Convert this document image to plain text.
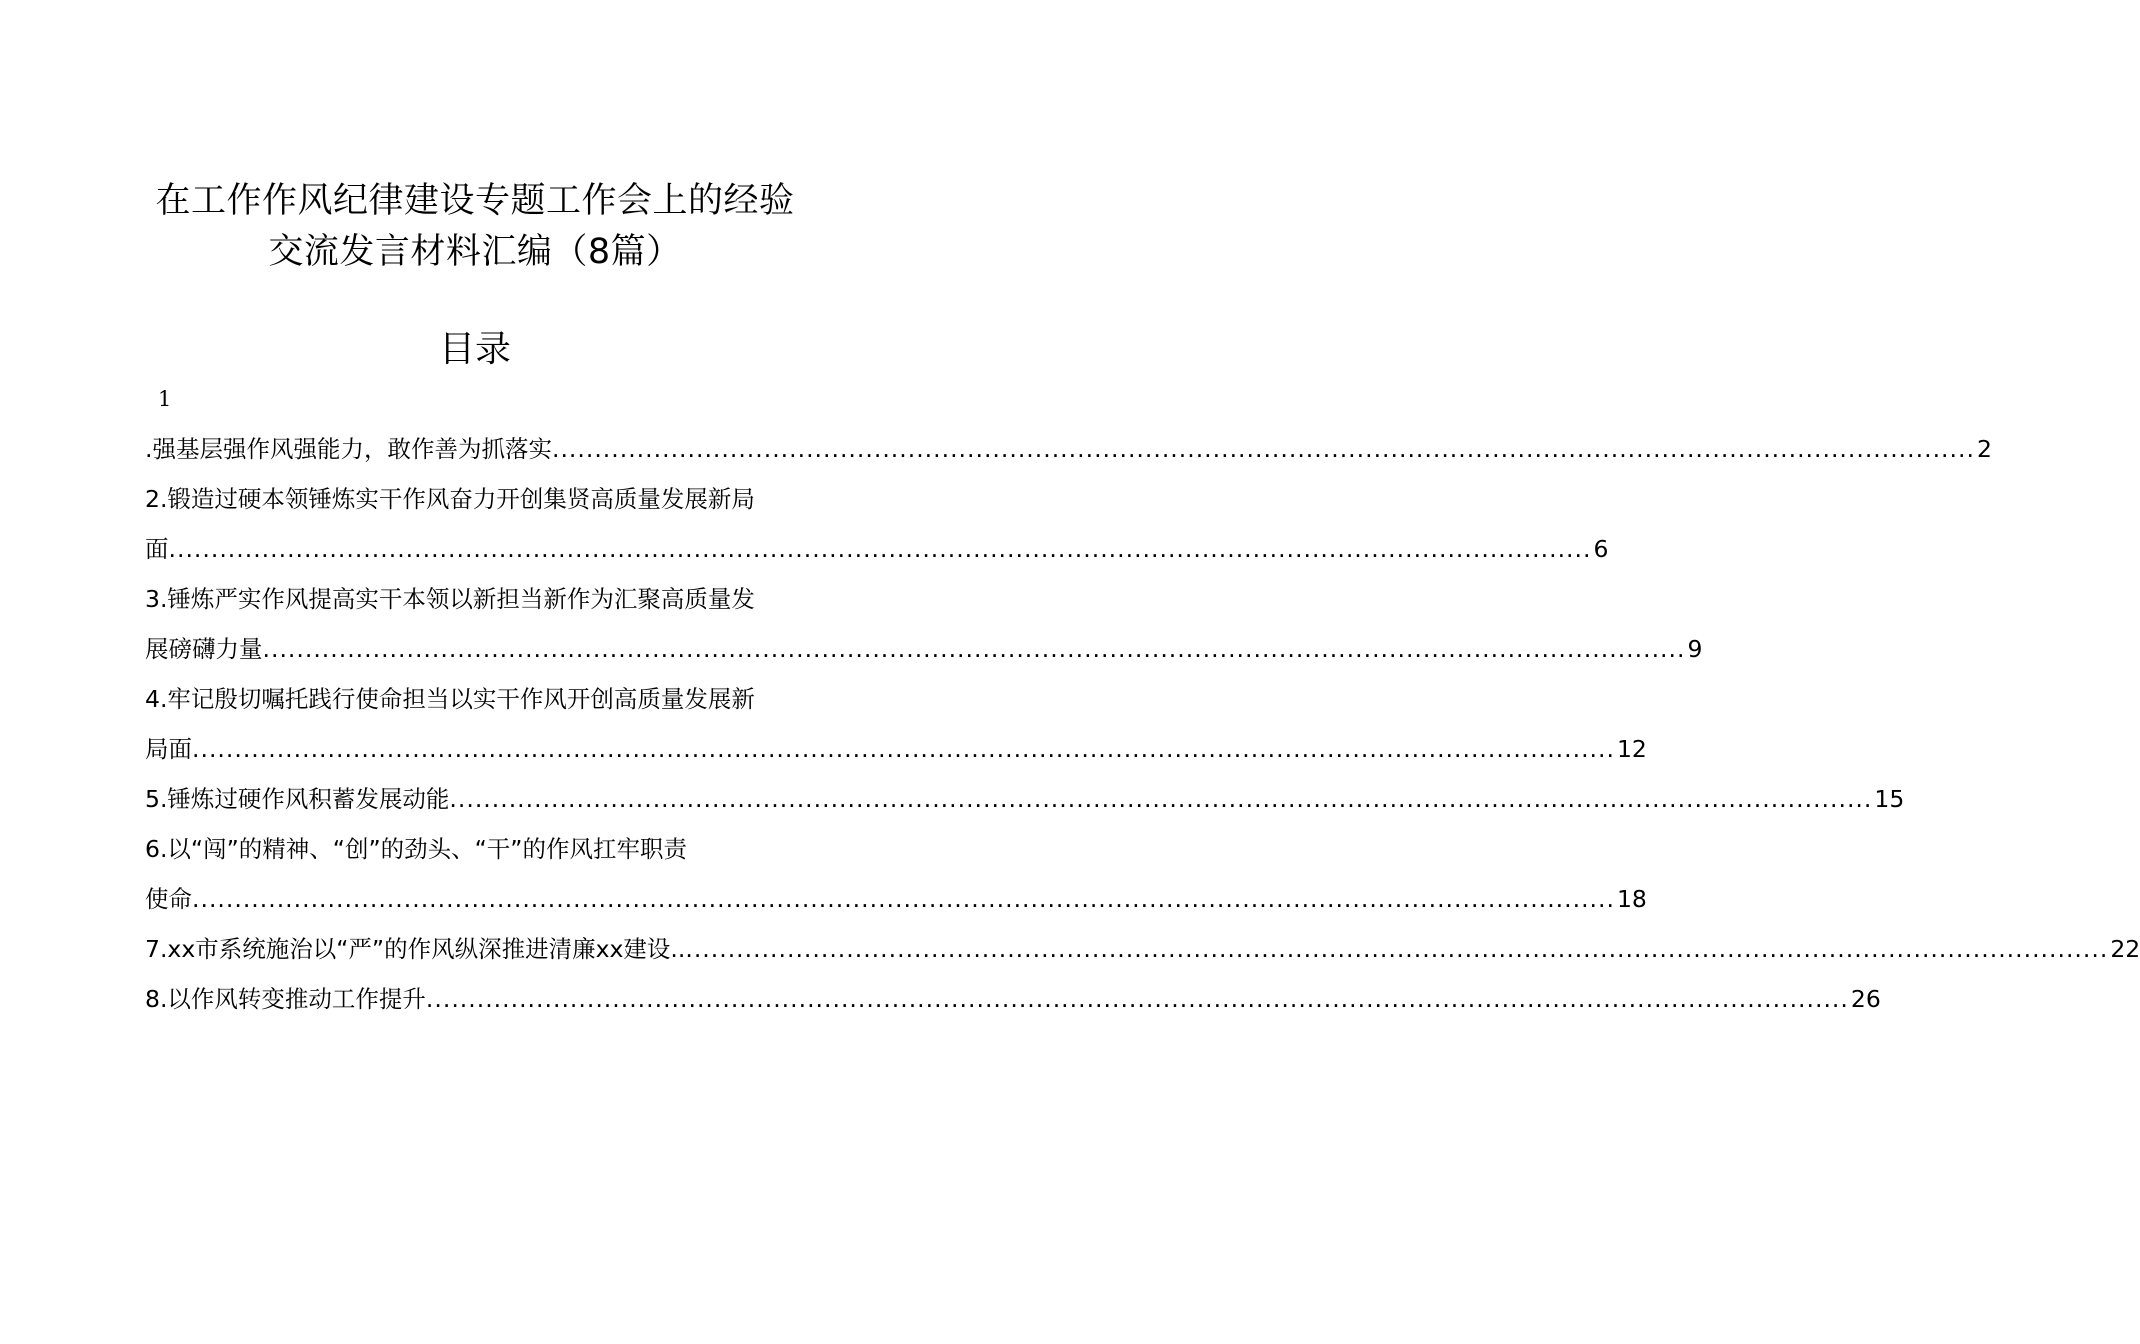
在工作作风纪律建设专题工作会上的经验
交流发言材料汇编（8篇）
目录
1
.强基层强作风强能力，敢作善为抓落实 .....	2
2.锻造过硬本领锤炼实干作风奋力开创集贤高质量发展新局
面 .....	6
3.锤炼严实作风提高实干本领以新担当新作为汇聚高质量发
展磅礴力量 .....	9
4.牢记殷切嘱托践行使命担当以实干作风开创高质量发展新
局面 .....	12
5.锤炼过硬作风积蓄发展动能 .....	15
6.以“闯”的精神、“创”的劲头、“干”的作风扛牢职责
使命 .....	18
7.xx市系统施治以“严”的作风纵深推进清廉xx建设.. .....	22
8.以作风转变推动工作提升 .....	26
